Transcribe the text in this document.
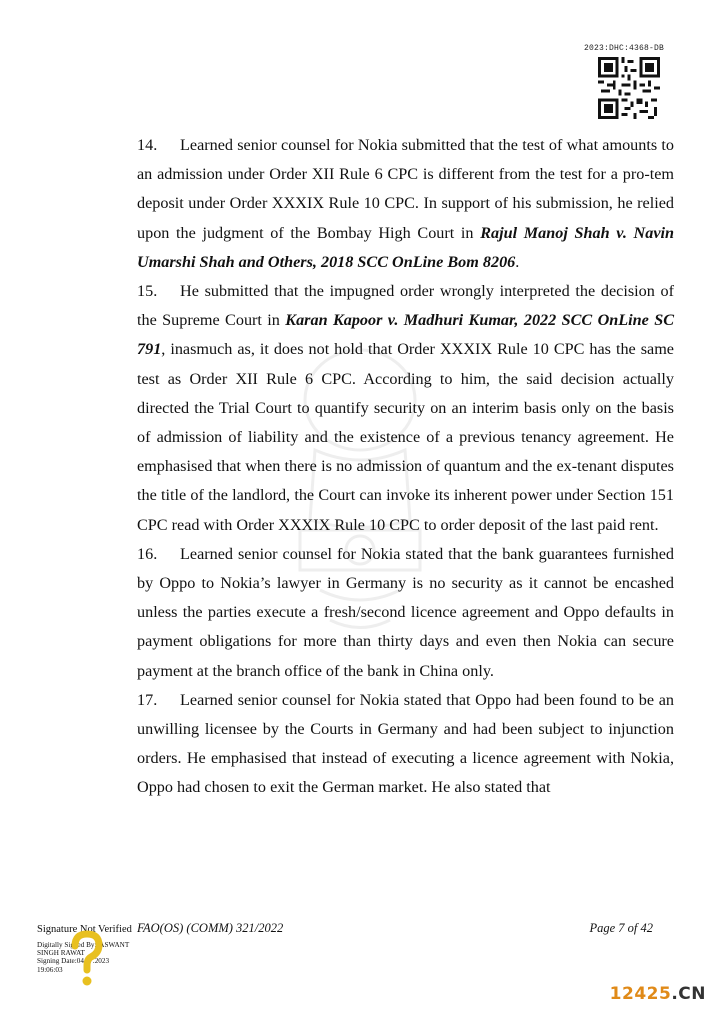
2023:DHC:4368-DB

14. Learned senior counsel for Nokia submitted that the test of what amounts to an admission under Order XII Rule 6 CPC is different from the test for a pro-tem deposit under Order XXXIX Rule 10 CPC. In support of his submission, he relied upon the judgment of the Bombay High Court in Rajul Manoj Shah v. Navin Umarshi Shah and Others, 2018 SCC OnLine Bom 8206.

15. He submitted that the impugned order wrongly interpreted the decision of the Supreme Court in Karan Kapoor v. Madhuri Kumar, 2022 SCC OnLine SC 791, inasmuch as, it does not hold that Order XXXIX Rule 10 CPC has the same test as Order XII Rule 6 CPC. According to him, the said decision actually directed the Trial Court to quantify security on an interim basis only on the basis of admission of liability and the existence of a previous tenancy agreement. He emphasised that when there is no admission of quantum and the ex-tenant disputes the title of the landlord, the Court can invoke its inherent power under Section 151 CPC read with Order XXXIX Rule 10 CPC to order deposit of the last paid rent.

16. Learned senior counsel for Nokia stated that the bank guarantees furnished by Oppo to Nokia’s lawyer in Germany is no security as it cannot be encashed unless the parties execute a fresh/second licence agreement and Oppo defaults in payment obligations for more than thirty days and even then Nokia can secure payment at the branch office of the bank in China only.

17. Learned senior counsel for Nokia stated that Oppo had been found to be an unwilling licensee by the Courts in Germany and had been subject to injunction orders. He emphasised that instead of executing a licence agreement with Nokia, Oppo had chosen to exit the German market. He also stated that

Signature Not Verified
Digitally Signed By:JASWANT
SINGH RAWAT
Signing Date:04.07.2023
19:06:03
FAO(OS) (COMM) 321/2022	Page 7 of 42
12425.CN
